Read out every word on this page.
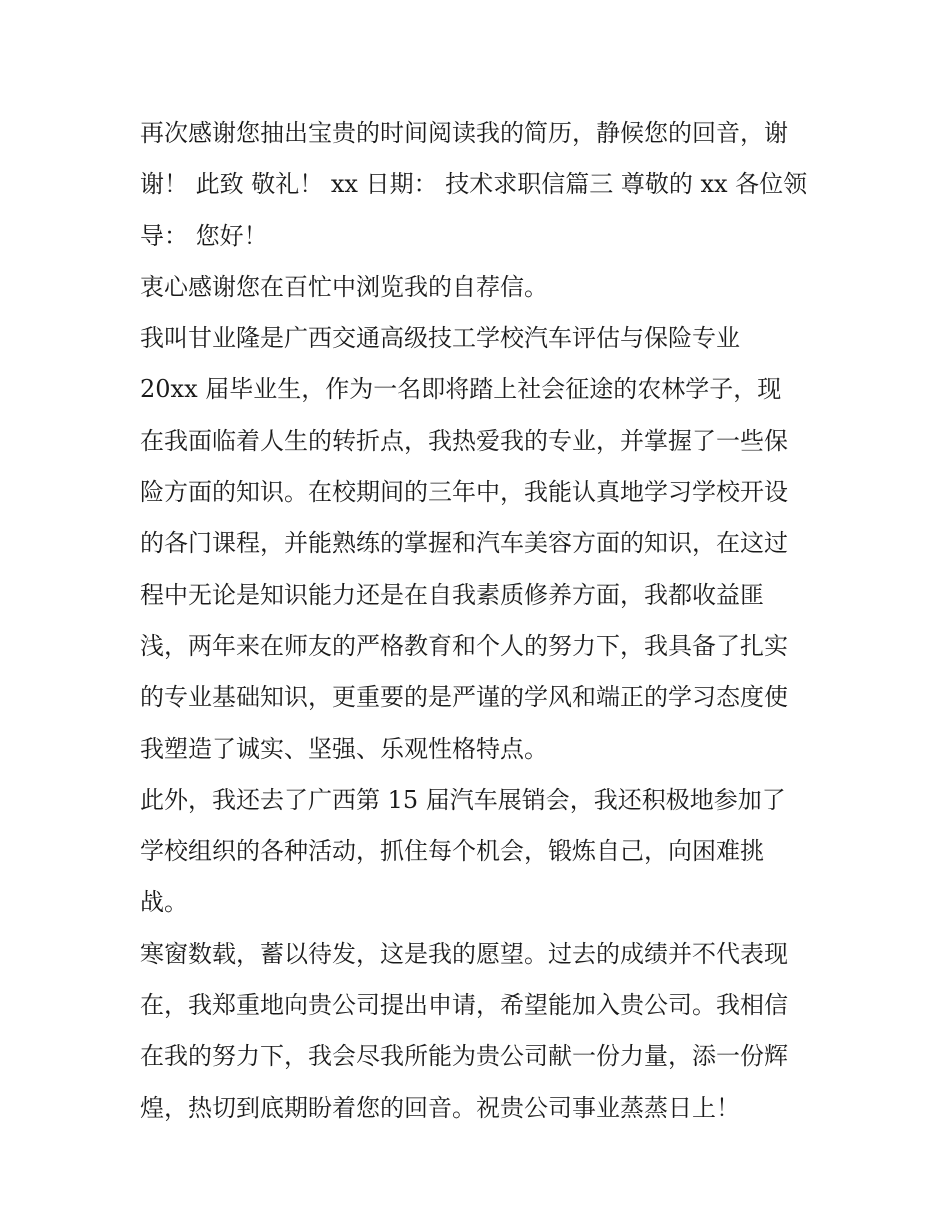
再次感谢您抽出宝贵的时间阅读我的简历，静候您的回音，谢
谢！ 此致 敬礼！ xx 日期： 技术求职信篇三 尊敬的 xx 各位领
导： 您好！
衷心感谢您在百忙中浏览我的自荐信。
我叫甘业隆是广西交通高级技工学校汽车评估与保险专业
20xx 届毕业生，作为一名即将踏上社会征途的农林学子，现
在我面临着人生的转折点，我热爱我的专业，并掌握了一些保
险方面的知识。在校期间的三年中，我能认真地学习学校开设
的各门课程，并能熟练的掌握和汽车美容方面的知识，在这过
程中无论是知识能力还是在自我素质修养方面，我都收益匪
浅，两年来在师友的严格教育和个人的努力下，我具备了扎实
的专业基础知识，更重要的是严谨的学风和端正的学习态度使
我塑造了诚实、坚强、乐观性格特点。
此外，我还去了广西第 15 届汽车展销会，我还积极地参加了
学校组织的各种活动，抓住每个机会，锻炼自己，向困难挑
战。
寒窗数载，蓄以待发，这是我的愿望。过去的成绩并不代表现
在，我郑重地向贵公司提出申请，希望能加入贵公司。我相信
在我的努力下，我会尽我所能为贵公司献一份力量，添一份辉
煌，热切到底期盼着您的回音。祝贵公司事业蒸蒸日上！
